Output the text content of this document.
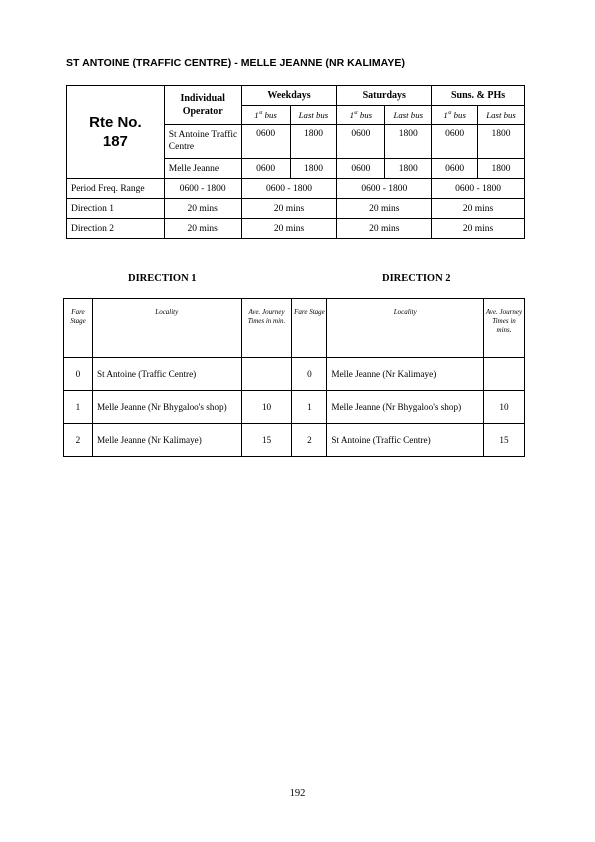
ST ANTOINE (TRAFFIC CENTRE) - MELLE JEANNE (NR KALIMAYE)
Rte No.
187	Individual Operator	Weekdays		Saturdays		Suns. & PHs	
		1st bus	Last bus	1st bus	Last bus	1st bus	Last bus
	St Antoine Traffic Centre	0600	1800	0600	1800	0600	1800
	Melle Jeanne	0600	1800	0600	1800	0600	1800
Period Freq. Range	0600 - 1800	0600 - 1800		0600 - 1800		0600 - 1800	
Direction 1	20 mins	20 mins		20 mins		20 mins	
Direction 2	20 mins	20 mins		20 mins		20 mins	
DIRECTION 1	DIRECTION 2
Fare Stage	Locality	Ave. Journey Times in min.	Fare Stage	Locality	Ave. Journey Times in mins.
0	St Antoine (Traffic Centre)		0	Melle Jeanne (Nr Kalimaye)	
1	Melle Jeanne (Nr Bhygaloo's shop)	10	1	Melle Jeanne (Nr Bhygaloo's shop)	10
2	Melle Jeanne (Nr Kalimaye)	15	2	St Antoine (Traffic Centre)	15
192
